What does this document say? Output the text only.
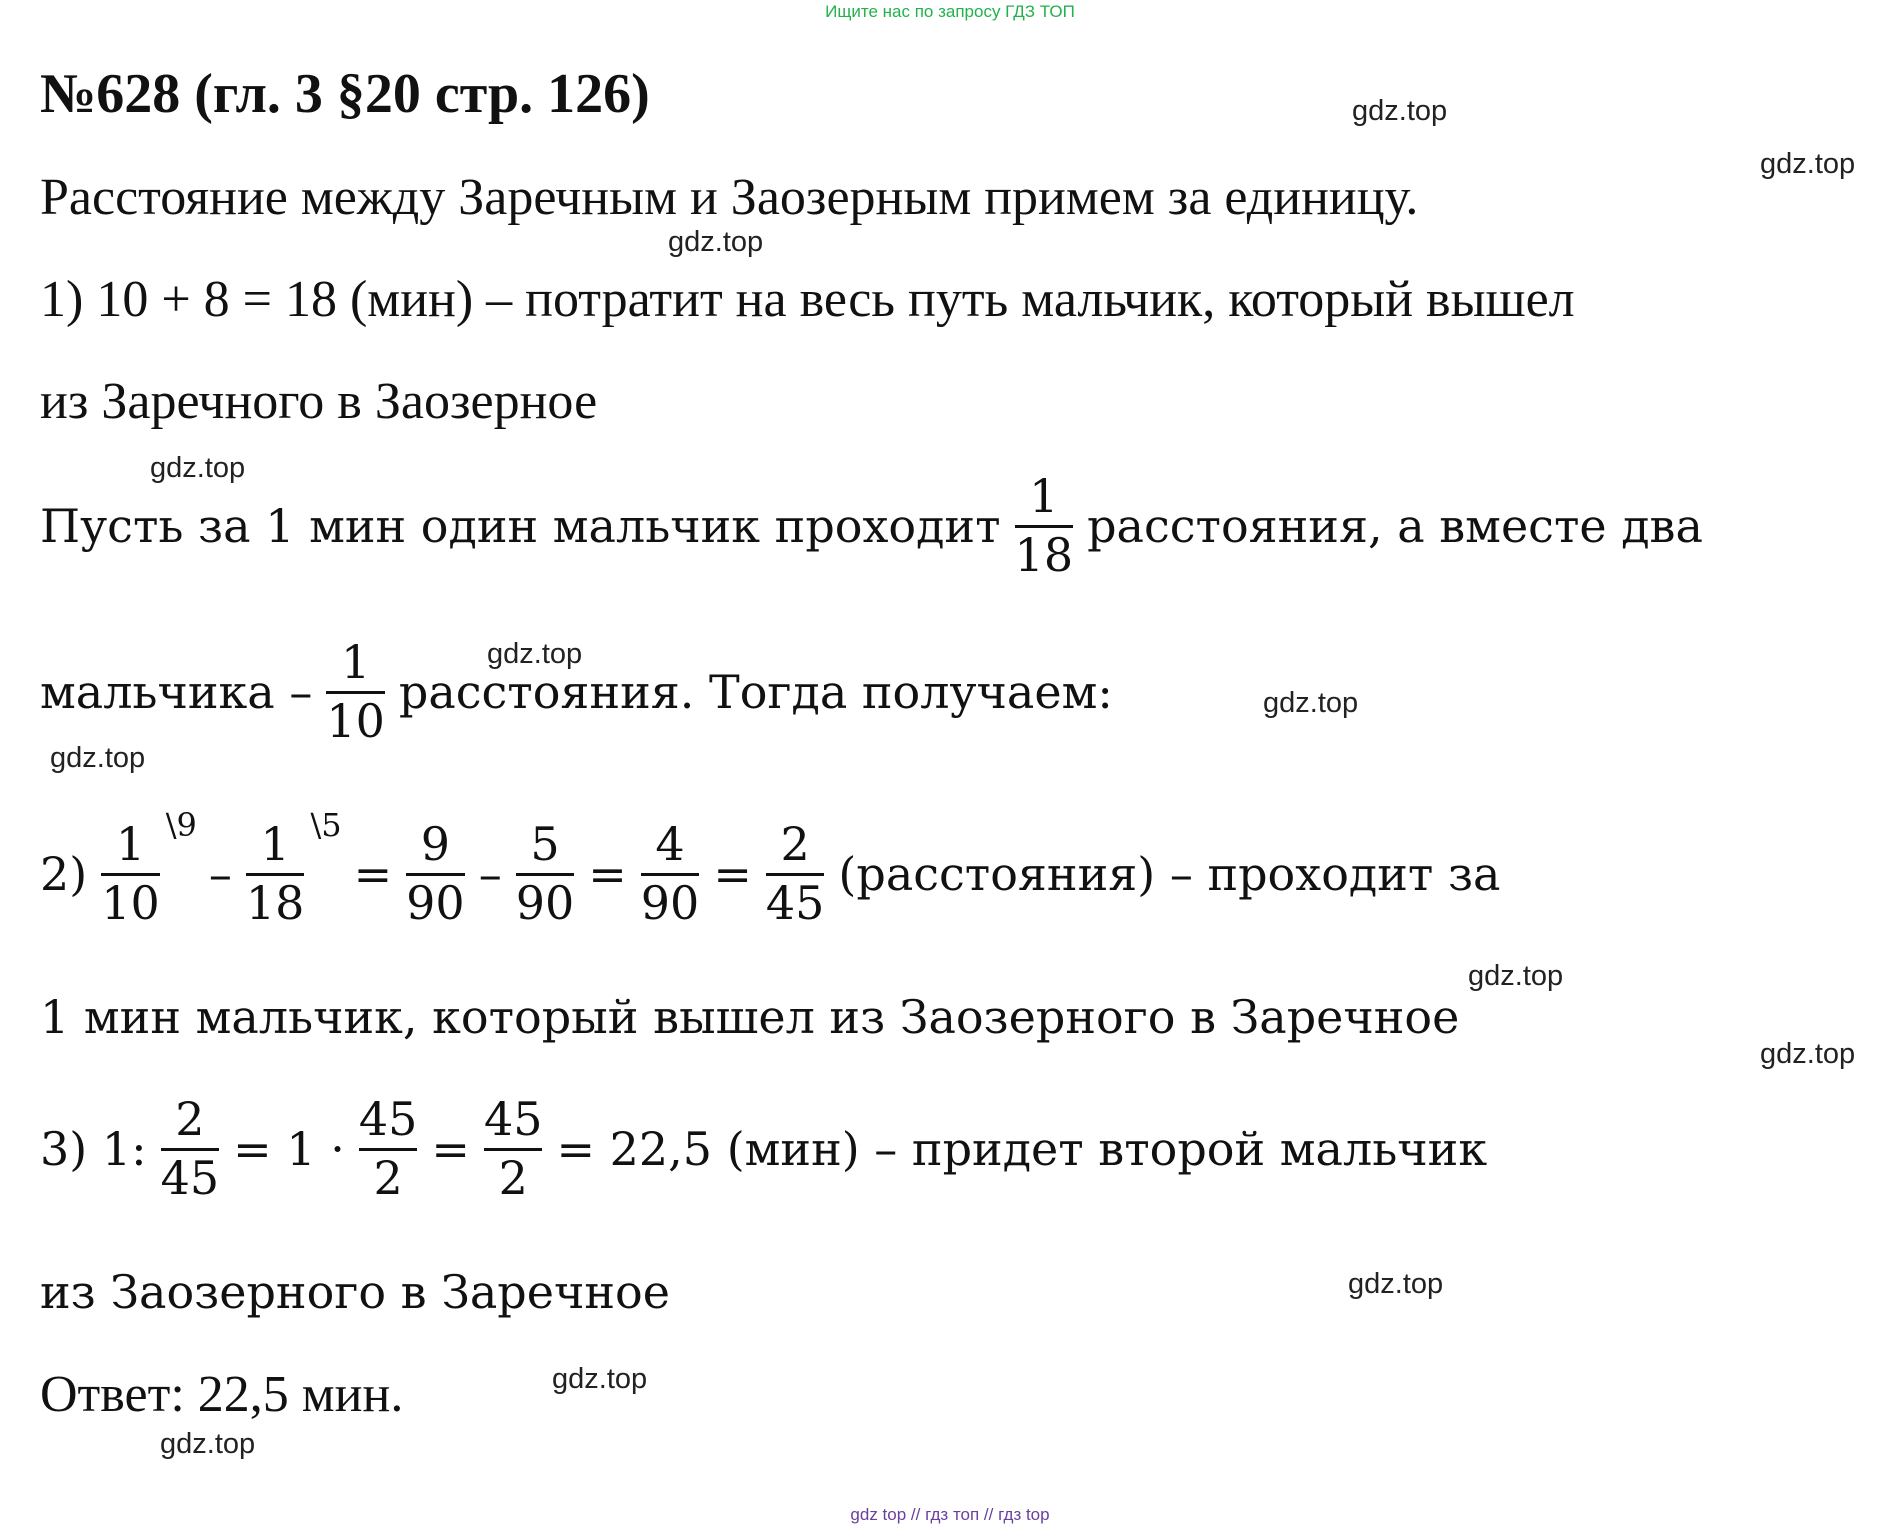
Ищите нас по запросу ГДЗ ТОП
№628 (гл. 3 §20 стр. 126)
Расстояние между Заречным и Заозерным примем за единицу.
1) 10 + 8 = 18 (мин) – потратит на весь путь мальчик, который вышел
из Заречного в Заозерное
Пусть за 1 мин один мальчик проходит $\frac{1}{18}$ расстояния, а вместе два
мальчика – $\frac{1}{10}$ расстояния. Тогда получаем:
$2) \frac{1}{10}$ \9
– $\frac{1}{18}$ \5
= $\frac{9}{90} - \frac{5}{90} = \frac{4}{90} = \frac{2}{45}$ (расстояния) – проходит за
1 мин мальчик, который вышел из Заозерного в Заречное
3) 1: $\frac{2}{45} = 1 \cdot \frac{45}{2} = \frac{45}{2} = 22,5$ (мин) – придет второй мальчик
из Заозерного в Заречное
Ответ: 22,5 мин.
gdz.top
gdz.top
gdz.top
gdz.top
gdz.top
gdz.top
gdz.top
gdz.top
gdz.top
gdz.top
gdz.top
gdz.top
gdz top // гдз топ // гдз top
